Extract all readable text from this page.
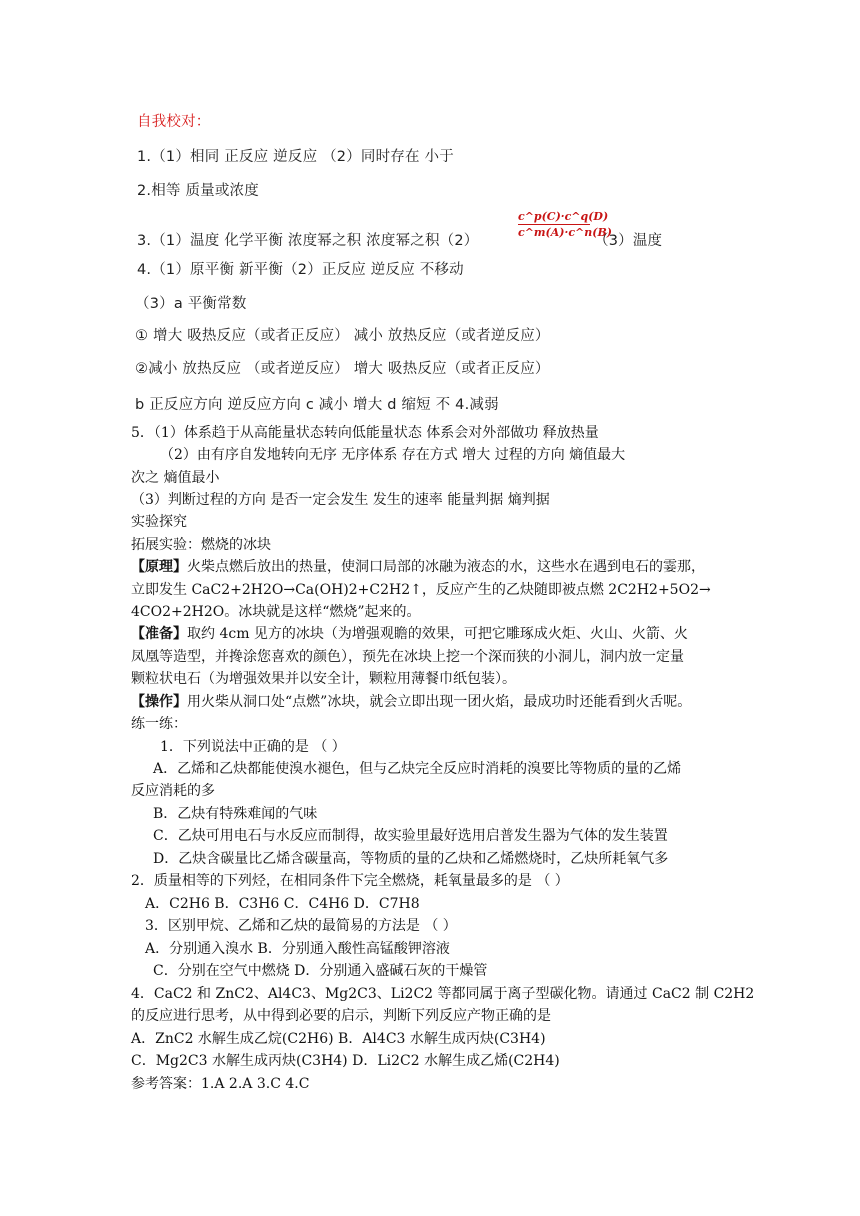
自我校对：
1.（1）相同 正反应 逆反应 （2）同时存在 小于
2.相等 质量或浓度
3.（1）温度 化学平衡 浓度幂之积 浓度幂之积（2）
c^p(C)·c^q(D)
c^m(A)·c^n(B)
（3）温度
4.（1）原平衡 新平衡（2）正反应 逆反应 不移动
（3）a 平衡常数
① 增大 吸热反应（或者正反应） 减小 放热反应（或者逆反应）
②减小 放热反应 （或者逆反应） 增大 吸热反应（或者正反应）
b 正反应方向 逆反应方向 c 减小 增大 d 缩短 不 4.减弱
5．（1）体系趋于从高能量状态转向低能量状态 体系会对外部做功 释放热量
（2）由有序自发地转向无序 无序体系 存在方式 增大 过程的方向 熵值最大
次之 熵值最小
（3）判断过程的方向 是否一定会发生 发生的速率 能量判据 熵判据
实验探究
拓展实验：燃烧的冰块
【原理】火柴点燃后放出的热量，使洞口局部的冰融为液态的水，这些水在遇到电石的霎那，
立即发生 CaC2+2H2O→Ca(OH)2+C2H2↑，反应产生的乙炔随即被点燃 2C2H2+5O2→
4CO2+2H2O。冰块就是这样“燃烧”起来的。
【准备】取约 4cm 见方的冰块（为增强观瞻的效果，可把它雕琢成火炬、火山、火箭、火
凤凰等造型，并搀涂您喜欢的颜色），预先在冰块上挖一个深而狭的小洞儿，洞内放一定量
颗粒状电石（为增强效果并以安全计，颗粒用薄餐巾纸包装）。
【操作】用火柴从洞口处“点燃”冰块，就会立即出现一团火焰，最成功时还能看到火舌呢。
练一练：
1．下列说法中正确的是 （ ）
A．乙烯和乙炔都能使溴水褪色，但与乙炔完全反应时消耗的溴要比等物质的量的乙烯
反应消耗的多
B．乙炔有特殊难闻的气味
C．乙炔可用电石与水反应而制得，故实验里最好选用启普发生器为气体的发生装置
D．乙炔含碳量比乙烯含碳量高，等物质的量的乙炔和乙烯燃烧时，乙炔所耗氧气多
2．质量相等的下列烃，在相同条件下完全燃烧，耗氧量最多的是 （ ）
A．C2H6 B．C3H6 C．C4H6 D．C7H8
3．区别甲烷、乙烯和乙炔的最简易的方法是 （ ）
A．分别通入溴水 B．分别通入酸性高锰酸钾溶液
C．分别在空气中燃烧 D．分别通入盛碱石灰的干燥管
4．CaC2 和 ZnC2、Al4C3、Mg2C3、Li2C2 等都同属于离子型碳化物。请通过 CaC2 制 C2H2
的反应进行思考，从中得到必要的启示，判断下列反应产物正确的是
A．ZnC2 水解生成乙烷(C2H6) B．Al4C3 水解生成丙炔(C3H4)
C．Mg2C3 水解生成丙炔(C3H4) D．Li2C2 水解生成乙烯(C2H4)
参考答案：1.A 2.A 3.C 4.C
